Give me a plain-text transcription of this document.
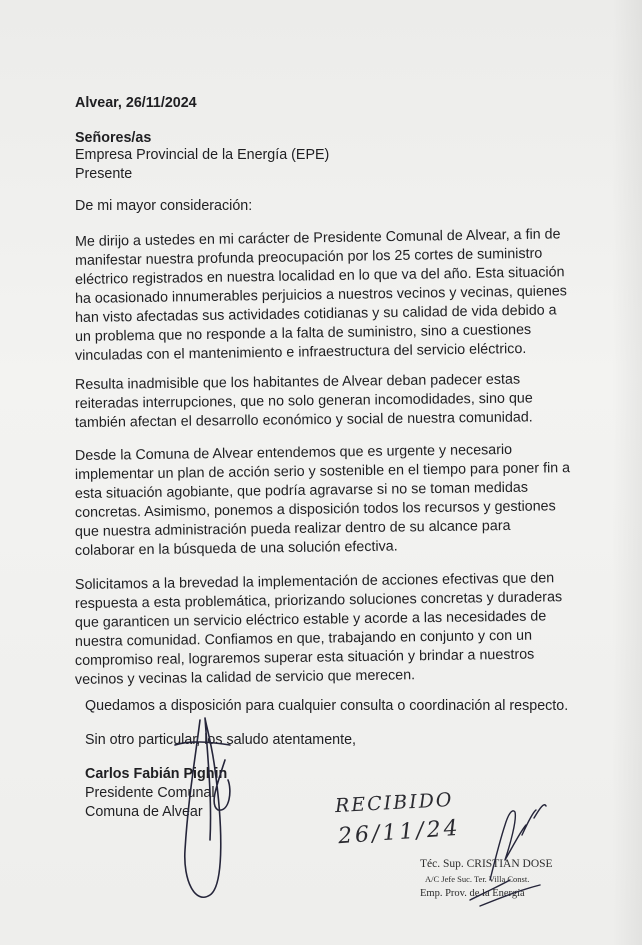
Alvear, 26/11/2024
Señores/as
Empresa Provincial de la Energía (EPE)
Presente
De mi mayor consideración:
Me dirijo a ustedes en mi carácter de Presidente Comunal de Alvear, a fin de
manifestar nuestra profunda preocupación por los 25 cortes de suministro
eléctrico registrados en nuestra localidad en lo que va del año. Esta situación
ha ocasionado innumerables perjuicios a nuestros vecinos y vecinas, quienes
han visto afectadas sus actividades cotidianas y su calidad de vida debido a
un problema que no responde a la falta de suministro, sino a cuestiones
vinculadas con el mantenimiento e infraestructura del servicio eléctrico.
Resulta inadmisible que los habitantes de Alvear deban padecer estas
reiteradas interrupciones, que no solo generan incomodidades, sino que
también afectan el desarrollo económico y social de nuestra comunidad.
Desde la Comuna de Alvear entendemos que es urgente y necesario
implementar un plan de acción serio y sostenible en el tiempo para poner fin a
esta situación agobiante, que podría agravarse si no se toman medidas
concretas. Asimismo, ponemos a disposición todos los recursos y gestiones
que nuestra administración pueda realizar dentro de su alcance para
colaborar en la búsqueda de una solución efectiva.
Solicitamos a la brevedad la implementación de acciones efectivas que den
respuesta a esta problemática, priorizando soluciones concretas y duraderas
que garanticen un servicio eléctrico estable y acorde a las necesidades de
nuestra comunidad. Confiamos en que, trabajando en conjunto y con un
compromiso real, lograremos superar esta situación y brindar a nuestros
vecinos y vecinas la calidad de servicio que merecen.
Quedamos a disposición para cualquier consulta o coordinación al respecto.
Sin otro particular, los saludo atentamente,
Carlos Fabián Pighin
Presidente Comunal
Comuna de Alvear	RECIBIDO
26/11/24
Téc. Sup. CRISTIAN DOSE
A/C Jefe Suc. Ter. Villa Const.
Emp. Prov. de la Energía
